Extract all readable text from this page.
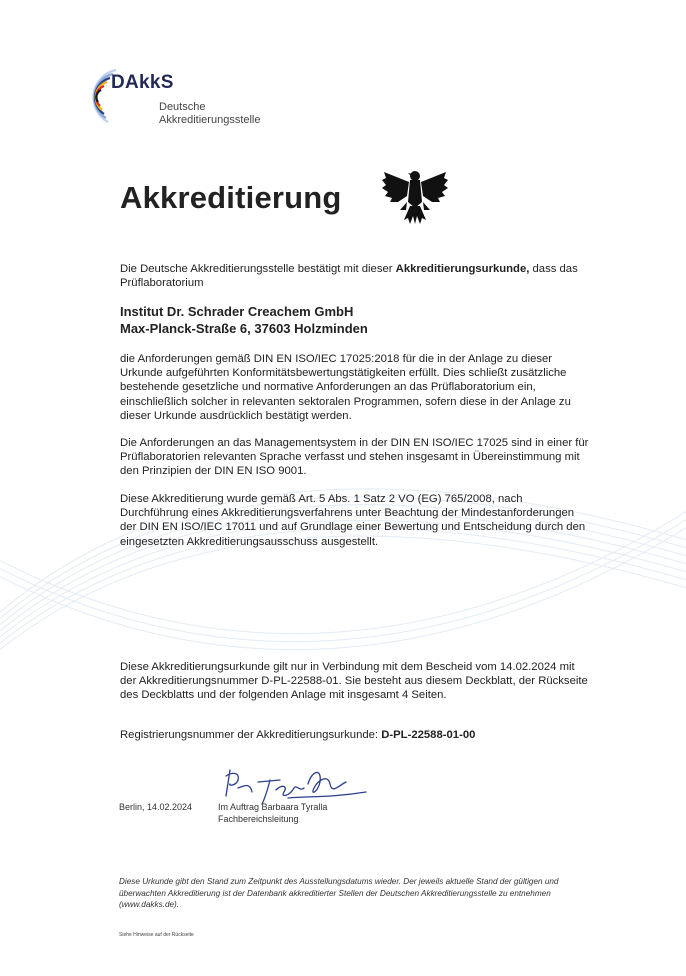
DAkkS
Deutsche
Akkreditierungsstelle
Akkreditierung
Die Deutsche Akkreditierungsstelle bestätigt mit dieser Akkreditierungsurkunde, dass das Prüflaboratorium
Institut Dr. Schrader Creachem GmbH
Max-Planck-Straße 6, 37603 Holzminden
die Anforderungen gemäß DIN EN ISO/IEC 17025:2018 für die in der Anlage zu dieser Urkunde aufgeführten Konformitätsbewertungstätigkeiten erfüllt. Dies schließt zusätzliche bestehende gesetzliche und normative Anforderungen an das Prüflaboratorium ein, einschließlich solcher in relevanten sektoralen Programmen, sofern diese in der Anlage zu dieser Urkunde ausdrücklich bestätigt werden.
Die Anforderungen an das Managementsystem in der DIN EN ISO/IEC 17025 sind in einer für Prüflaboratorien relevanten Sprache verfasst und stehen insgesamt in Übereinstimmung mit den Prinzipien der DIN EN ISO 9001.
Diese Akkreditierung wurde gemäß Art. 5 Abs. 1 Satz 2 VO (EG) 765/2008, nach Durchführung eines Akkreditierungsverfahrens unter Beachtung der Mindestanforderungen der DIN EN ISO/IEC 17011 und auf Grundlage einer Bewertung und Entscheidung durch den eingesetzten Akkreditierungsausschuss ausgestellt.
Diese Akkreditierungsurkunde gilt nur in Verbindung mit dem Bescheid vom 14.02.2024 mit der Akkreditierungsnummer D-PL-22588-01. Sie besteht aus diesem Deckblatt, der Rückseite des Deckblatts und der folgenden Anlage mit insgesamt 4 Seiten.
Registrierungsnummer der Akkreditierungsurkunde: D-PL-22588-01-00
Berlin, 14.02.2024	Im Auftrag Barbaara Tyralla
Fachbereichsleitung
Diese Urkunde gibt den Stand zum Zeitpunkt des Ausstellungsdatums wieder. Der jeweils aktuelle Stand der gültigen und überwachten Akkreditierung ist der Datenbank akkreditierter Stellen der Deutschen Akkreditierungsstelle zu entnehmen (www.dakks.de).
Siehe Hinweise auf der Rückseite
